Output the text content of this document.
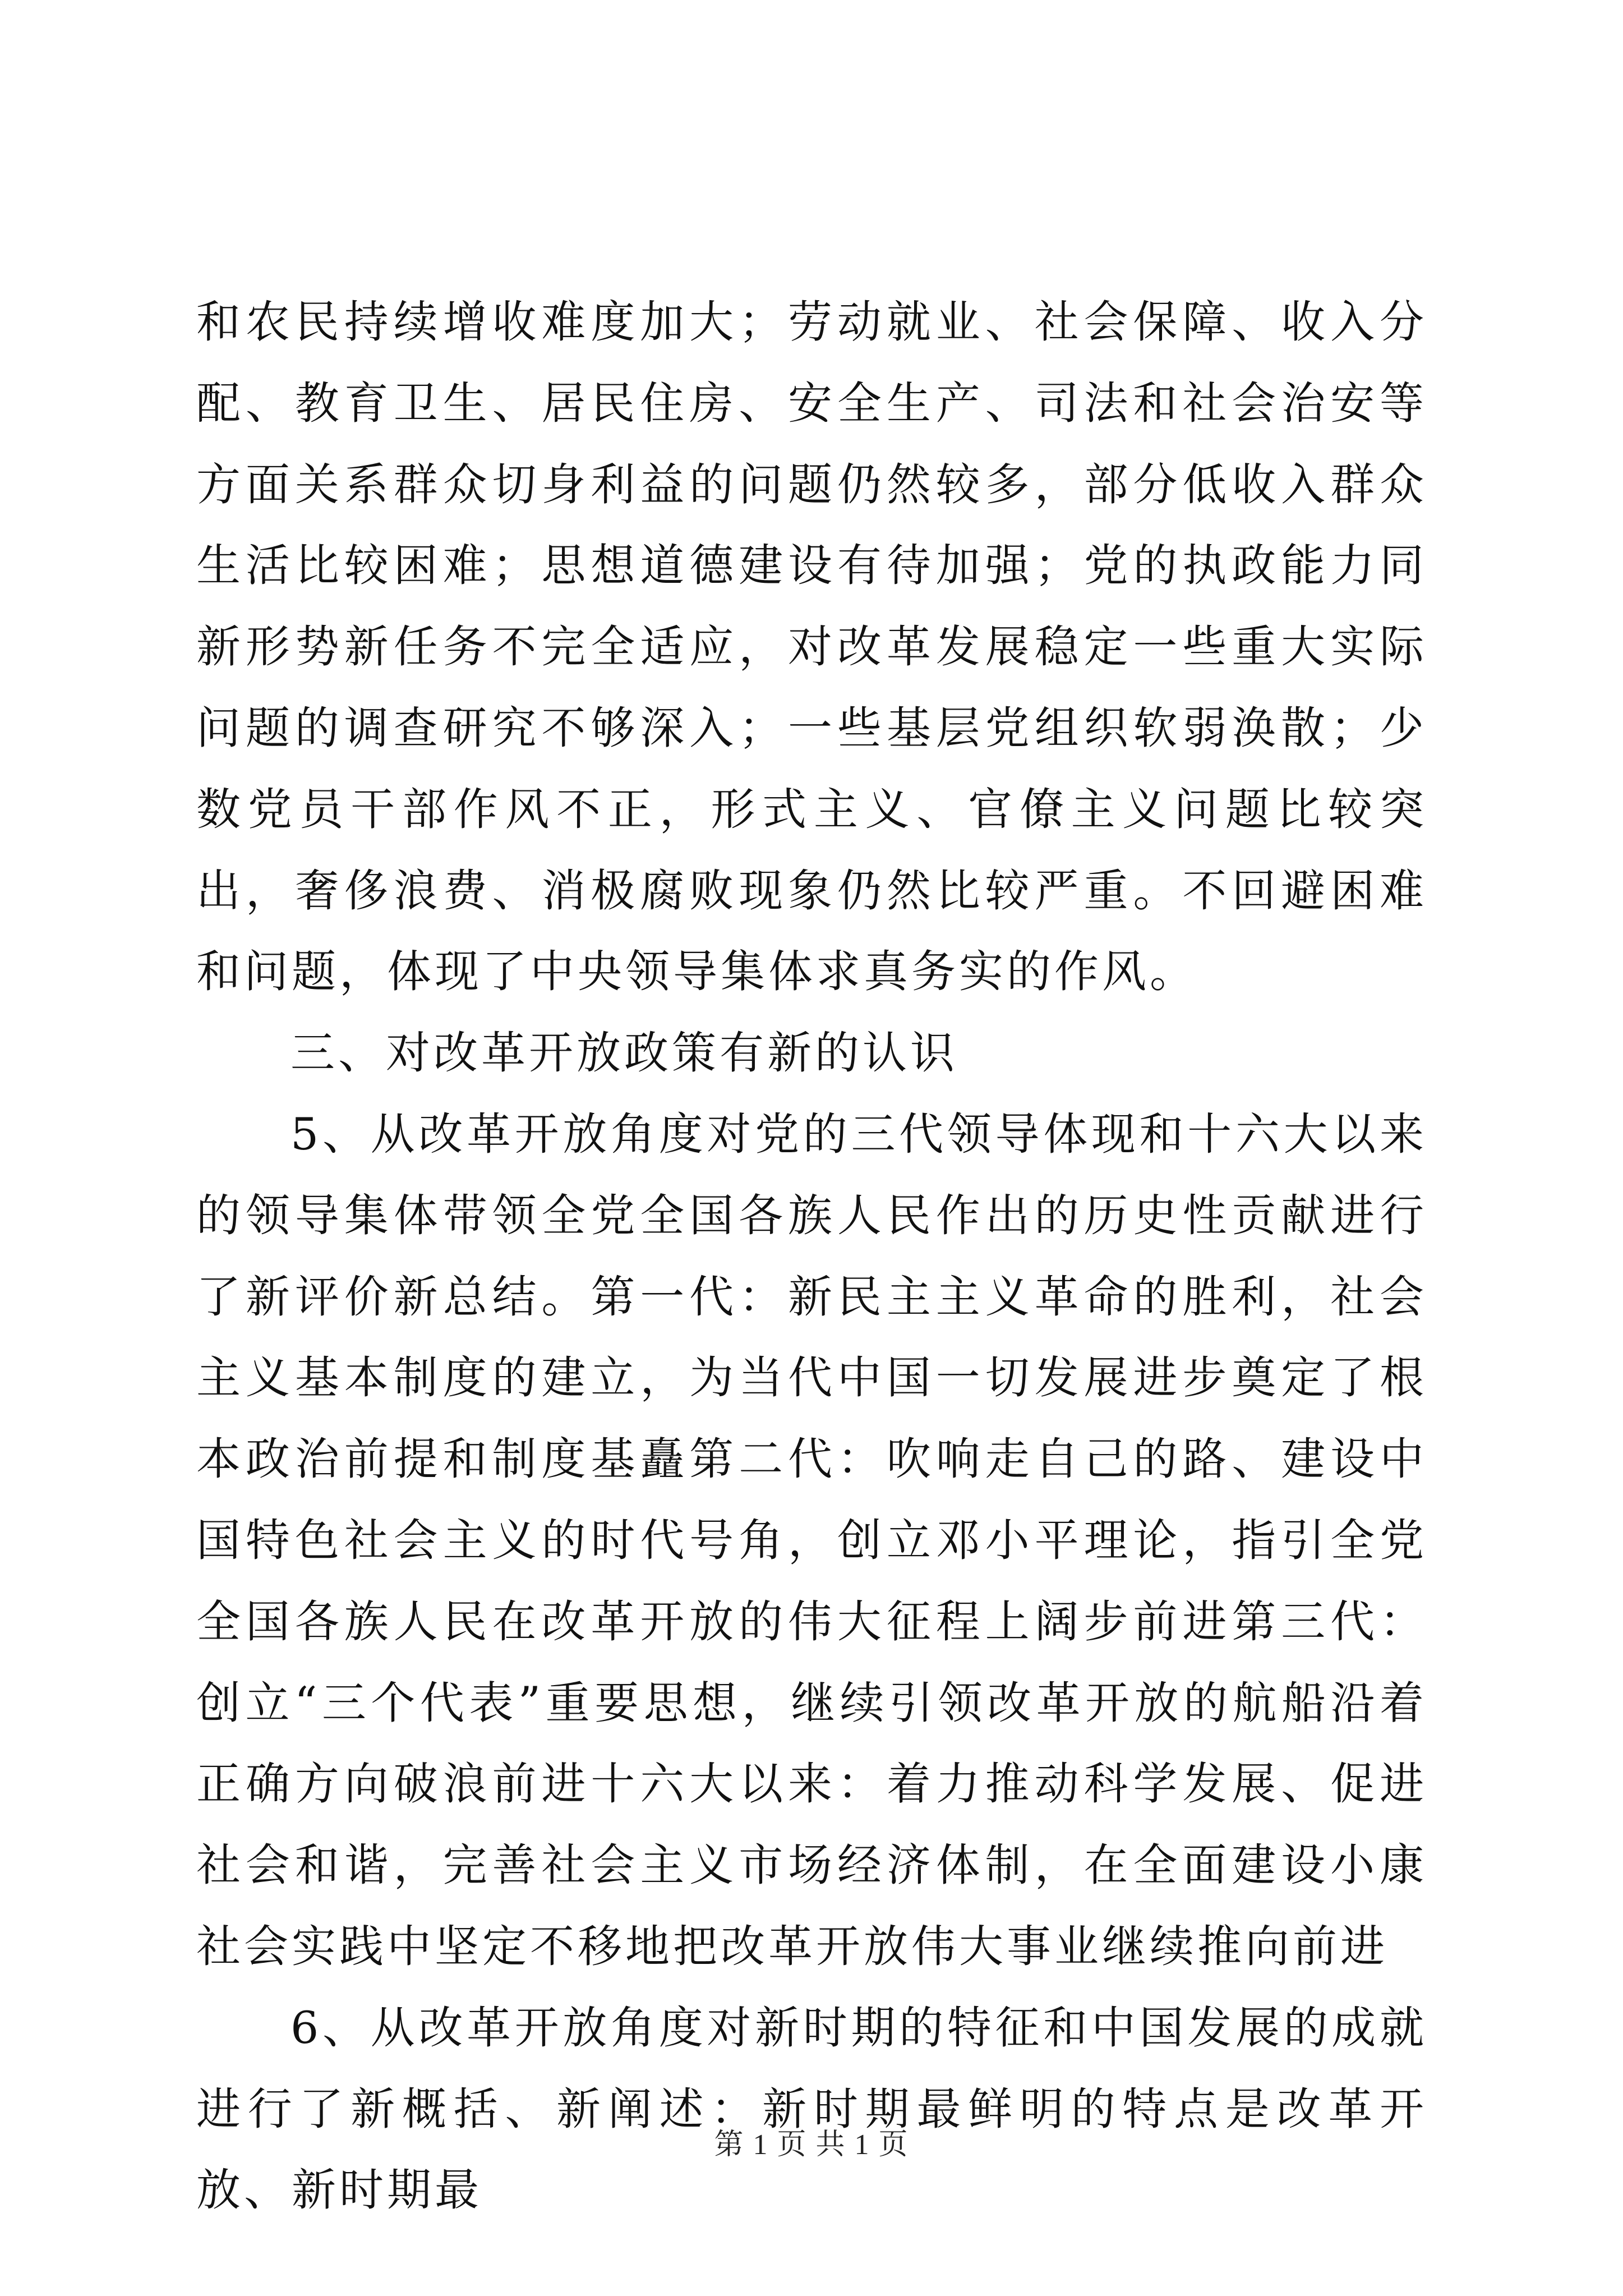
和农民持续增收难度加大；劳动就业、社会保障、收入分配、教育卫生、居民住房、安全生产、司法和社会治安等方面关系群众切身利益的问题仍然较多，部分低收入群众生活比较困难；思想道德建设有待加强；党的执政能力同新形势新任务不完全适应，对改革发展稳定一些重大实际问题的调查研究不够深入；一些基层党组织软弱涣散；少数党员干部作风不正，形式主义、官僚主义问题比较突出，奢侈浪费、消极腐败现象仍然比较严重。不回避困难和问题，体现了中央领导集体求真务实的作风。

三、对改革开放政策有新的认识

5、从改革开放角度对党的三代领导体现和十六大以来的领导集体带领全党全国各族人民作出的历史性贡献进行了新评价新总结。第一代：新民主主义革命的胜利，社会主义基本制度的建立，为当代中国一切发展进步奠定了根本政治前提和制度基矗第二代：吹响走自己的路、建设中国特色社会主义的时代号角，创立邓小平理论，指引全党全国各族人民在改革开放的伟大征程上阔步前进第三代：创立“三个代表”重要思想，继续引领改革开放的航船沿着正确方向破浪前进十六大以来：着力推动科学发展、促进社会和谐，完善社会主义市场经济体制，在全面建设小康社会实践中坚定不移地把改革开放伟大事业继续推向前进

6、从改革开放角度对新时期的特征和中国发展的成就进行了新概括、新阐述：新时期最鲜明的特点是改革开放、新时期最

第 1 页 共 1 页
